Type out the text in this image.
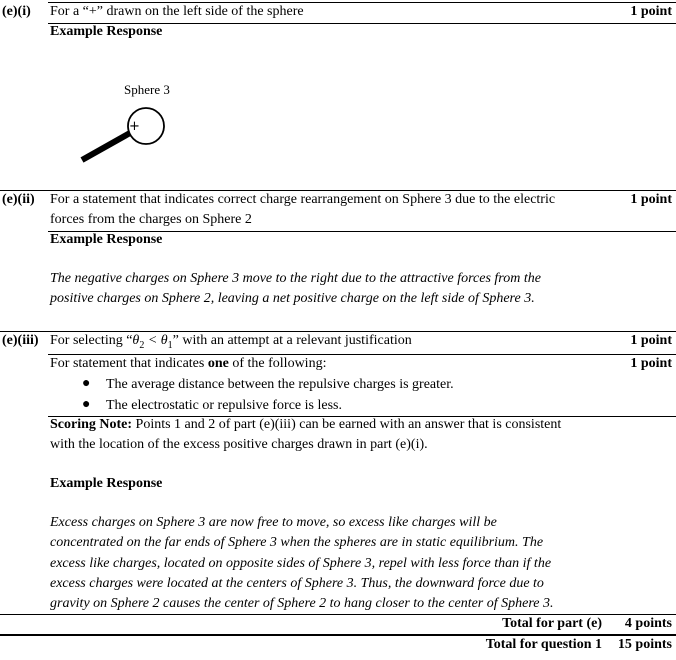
(e)(i) For a “+” drawn on the left side of the sphere	1 point
Example Response
Sphere 3
+
(e)(ii) For a statement that indicates correct charge rearrangement on Sphere 3 due to the electric
forces from the charges on Sphere 2
1 point
Example Response
The negative charges on Sphere 3 move to the right due to the attractive forces from the
positive charges on Sphere 2, leaving a net positive charge on the left side of Sphere 3.
(e)(iii) For selecting “$\theta_2 < \theta_1$” with an attempt at a relevant justification	1 point
For statement that indicates one of the following:	1 point
● The average distance between the repulsive charges is greater.
● The electrostatic or repulsive force is less.
Scoring Note: Points 1 and 2 of part (e)(iii) can be earned with an answer that is consistent
with the location of the excess positive charges drawn in part (e)(i).
Example Response
Excess charges on Sphere 3 are now free to move, so excess like charges will be
concentrated on the far ends of Sphere 3 when the spheres are in static equilibrium. The
excess like charges, located on opposite sides of Sphere 3, repel with less force than if the
excess charges were located at the centers of Sphere 3. Thus, the downward force due to
gravity on Sphere 2 causes the center of Sphere 2 to hang closer to the center of Sphere 3.
Total for part (e) 4 points
Total for question 1 15 points
